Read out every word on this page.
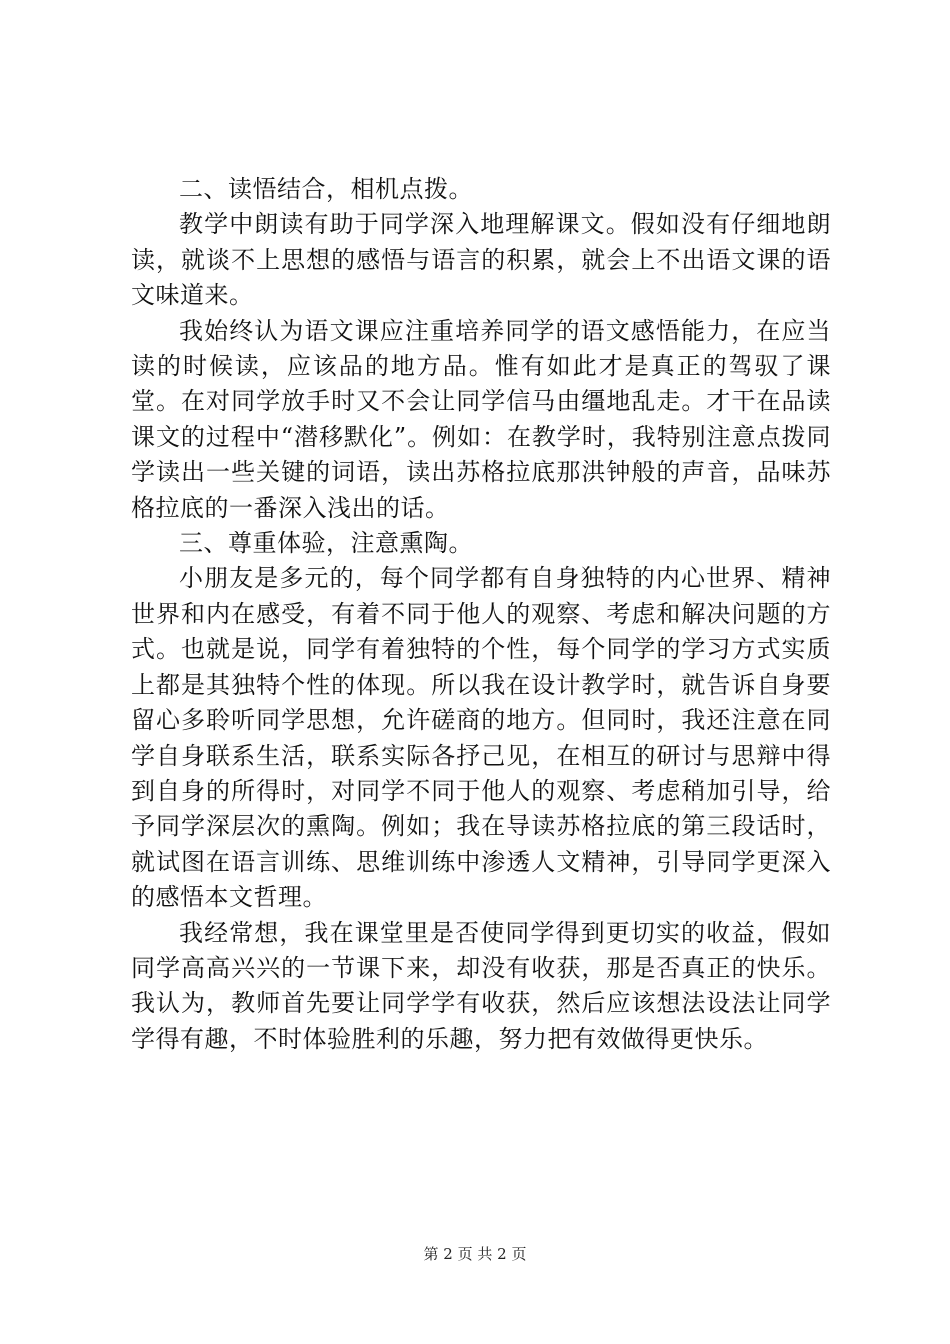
二、读悟结合，相机点拨。

教学中朗读有助于同学深入地理解课文。假如没有仔细地朗读，就谈不上思想的感悟与语言的积累，就会上不出语文课的语文味道来。

我始终认为语文课应注重培养同学的语文感悟能力，在应当读的时候读，应该品的地方品。惟有如此才是真正的驾驭了课堂。在对同学放手时又不会让同学信马由缰地乱走。才干在品读课文的过程中“潜移默化”。例如：在教学时，我特别注意点拨同学读出一些关键的词语，读出苏格拉底那洪钟般的声音，品味苏格拉底的一番深入浅出的话。

三、尊重体验，注意熏陶。

小朋友是多元的，每个同学都有自身独特的内心世界、精神世界和内在感受，有着不同于他人的观察、考虑和解决问题的方式。也就是说，同学有着独特的个性，每个同学的学习方式实质上都是其独特个性的体现。所以我在设计教学时，就告诉自身要留心多聆听同学思想，允许磋商的地方。但同时，我还注意在同学自身联系生活，联系实际各抒己见，在相互的研讨与思辩中得到自身的所得时，对同学不同于他人的观察、考虑稍加引导，给予同学深层次的熏陶。例如；我在导读苏格拉底的第三段话时，就试图在语言训练、思维训练中渗透人文精神，引导同学更深入的感悟本文哲理。

我经常想，我在课堂里是否使同学得到更切实的收益，假如同学高高兴兴的一节课下来，却没有收获，那是否真正的快乐。我认为，教师首先要让同学学有收获，然后应该想法设法让同学学得有趣，不时体验胜利的乐趣，努力把有效做得更快乐。

第 2 页 共 2 页
